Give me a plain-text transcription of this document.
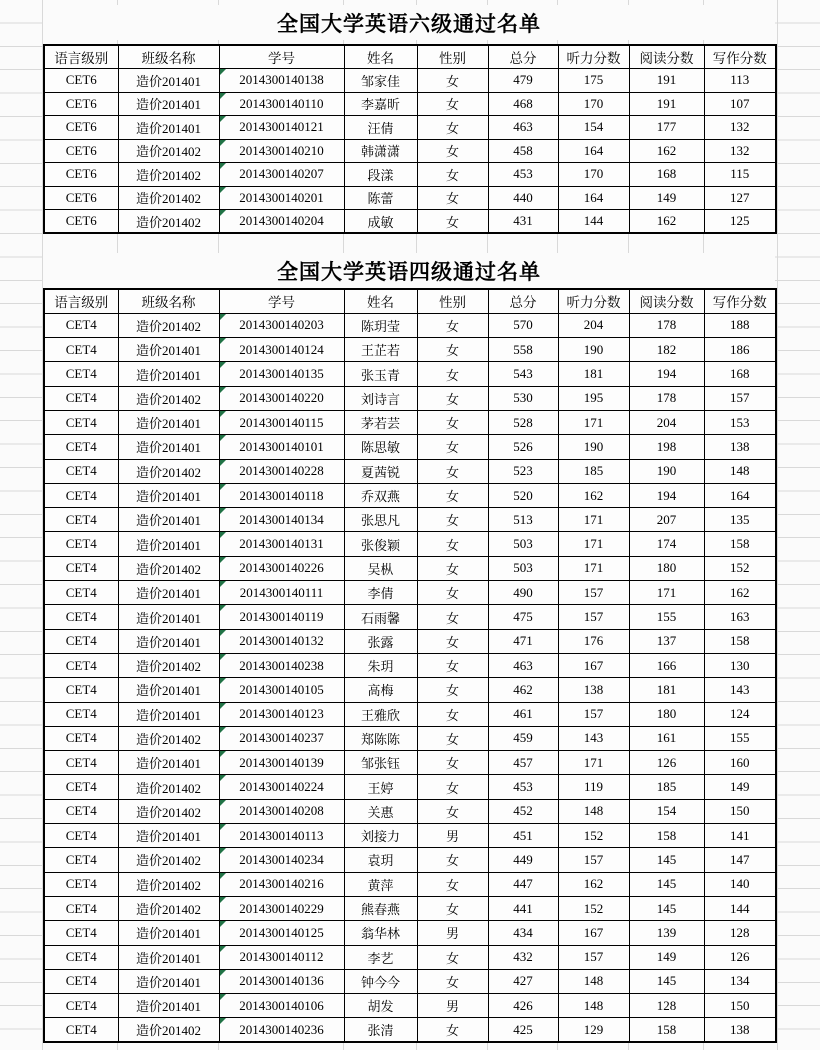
全国大学英语六级通过名单
语言级别	班级名称	学号	姓名	性别	总分	听力分数	阅读分数	写作分数
CET6	造价201401	2014300140138	邹家佳	女	479	175	191	113
CET6	造价201401	2014300140110	李嘉昕	女	468	170	191	107
CET6	造价201401	2014300140121	汪倩	女	463	154	177	132
CET6	造价201402	2014300140210	韩潇潇	女	458	164	162	132
CET6	造价201402	2014300140207	段漾	女	453	170	168	115
CET6	造价201402	2014300140201	陈蕾	女	440	164	149	127
CET6	造价201402	2014300140204	成敏	女	431	144	162	125
全国大学英语四级通过名单
语言级别	班级名称	学号	姓名	性别	总分	听力分数	阅读分数	写作分数
CET4	造价201402	2014300140203	陈玥莹	女	570	204	178	188
CET4	造价201401	2014300140124	王芷若	女	558	190	182	186
CET4	造价201401	2014300140135	张玉青	女	543	181	194	168
CET4	造价201402	2014300140220	刘诗言	女	530	195	178	157
CET4	造价201401	2014300140115	茅若芸	女	528	171	204	153
CET4	造价201401	2014300140101	陈思敏	女	526	190	198	138
CET4	造价201402	2014300140228	夏茜锐	女	523	185	190	148
CET4	造价201401	2014300140118	乔双燕	女	520	162	194	164
CET4	造价201401	2014300140134	张思凡	女	513	171	207	135
CET4	造价201401	2014300140131	张俊颖	女	503	171	174	158
CET4	造价201402	2014300140226	吴枞	女	503	171	180	152
CET4	造价201401	2014300140111	李倩	女	490	157	171	162
CET4	造价201401	2014300140119	石雨馨	女	475	157	155	163
CET4	造价201401	2014300140132	张露	女	471	176	137	158
CET4	造价201402	2014300140238	朱玥	女	463	167	166	130
CET4	造价201401	2014300140105	高梅	女	462	138	181	143
CET4	造价201401	2014300140123	王雅欣	女	461	157	180	124
CET4	造价201402	2014300140237	郑陈陈	女	459	143	161	155
CET4	造价201401	2014300140139	邹张钰	女	457	171	126	160
CET4	造价201402	2014300140224	王婷	女	453	119	185	149
CET4	造价201402	2014300140208	关惠	女	452	148	154	150
CET4	造价201401	2014300140113	刘接力	男	451	152	158	141
CET4	造价201402	2014300140234	袁玥	女	449	157	145	147
CET4	造价201402	2014300140216	黄萍	女	447	162	145	140
CET4	造价201402	2014300140229	熊春燕	女	441	152	145	144
CET4	造价201401	2014300140125	翁华林	男	434	167	139	128
CET4	造价201401	2014300140112	李艺	女	432	157	149	126
CET4	造价201401	2014300140136	钟今今	女	427	148	145	134
CET4	造价201401	2014300140106	胡发	男	426	148	128	150
CET4	造价201402	2014300140236	张清	女	425	129	158	138
